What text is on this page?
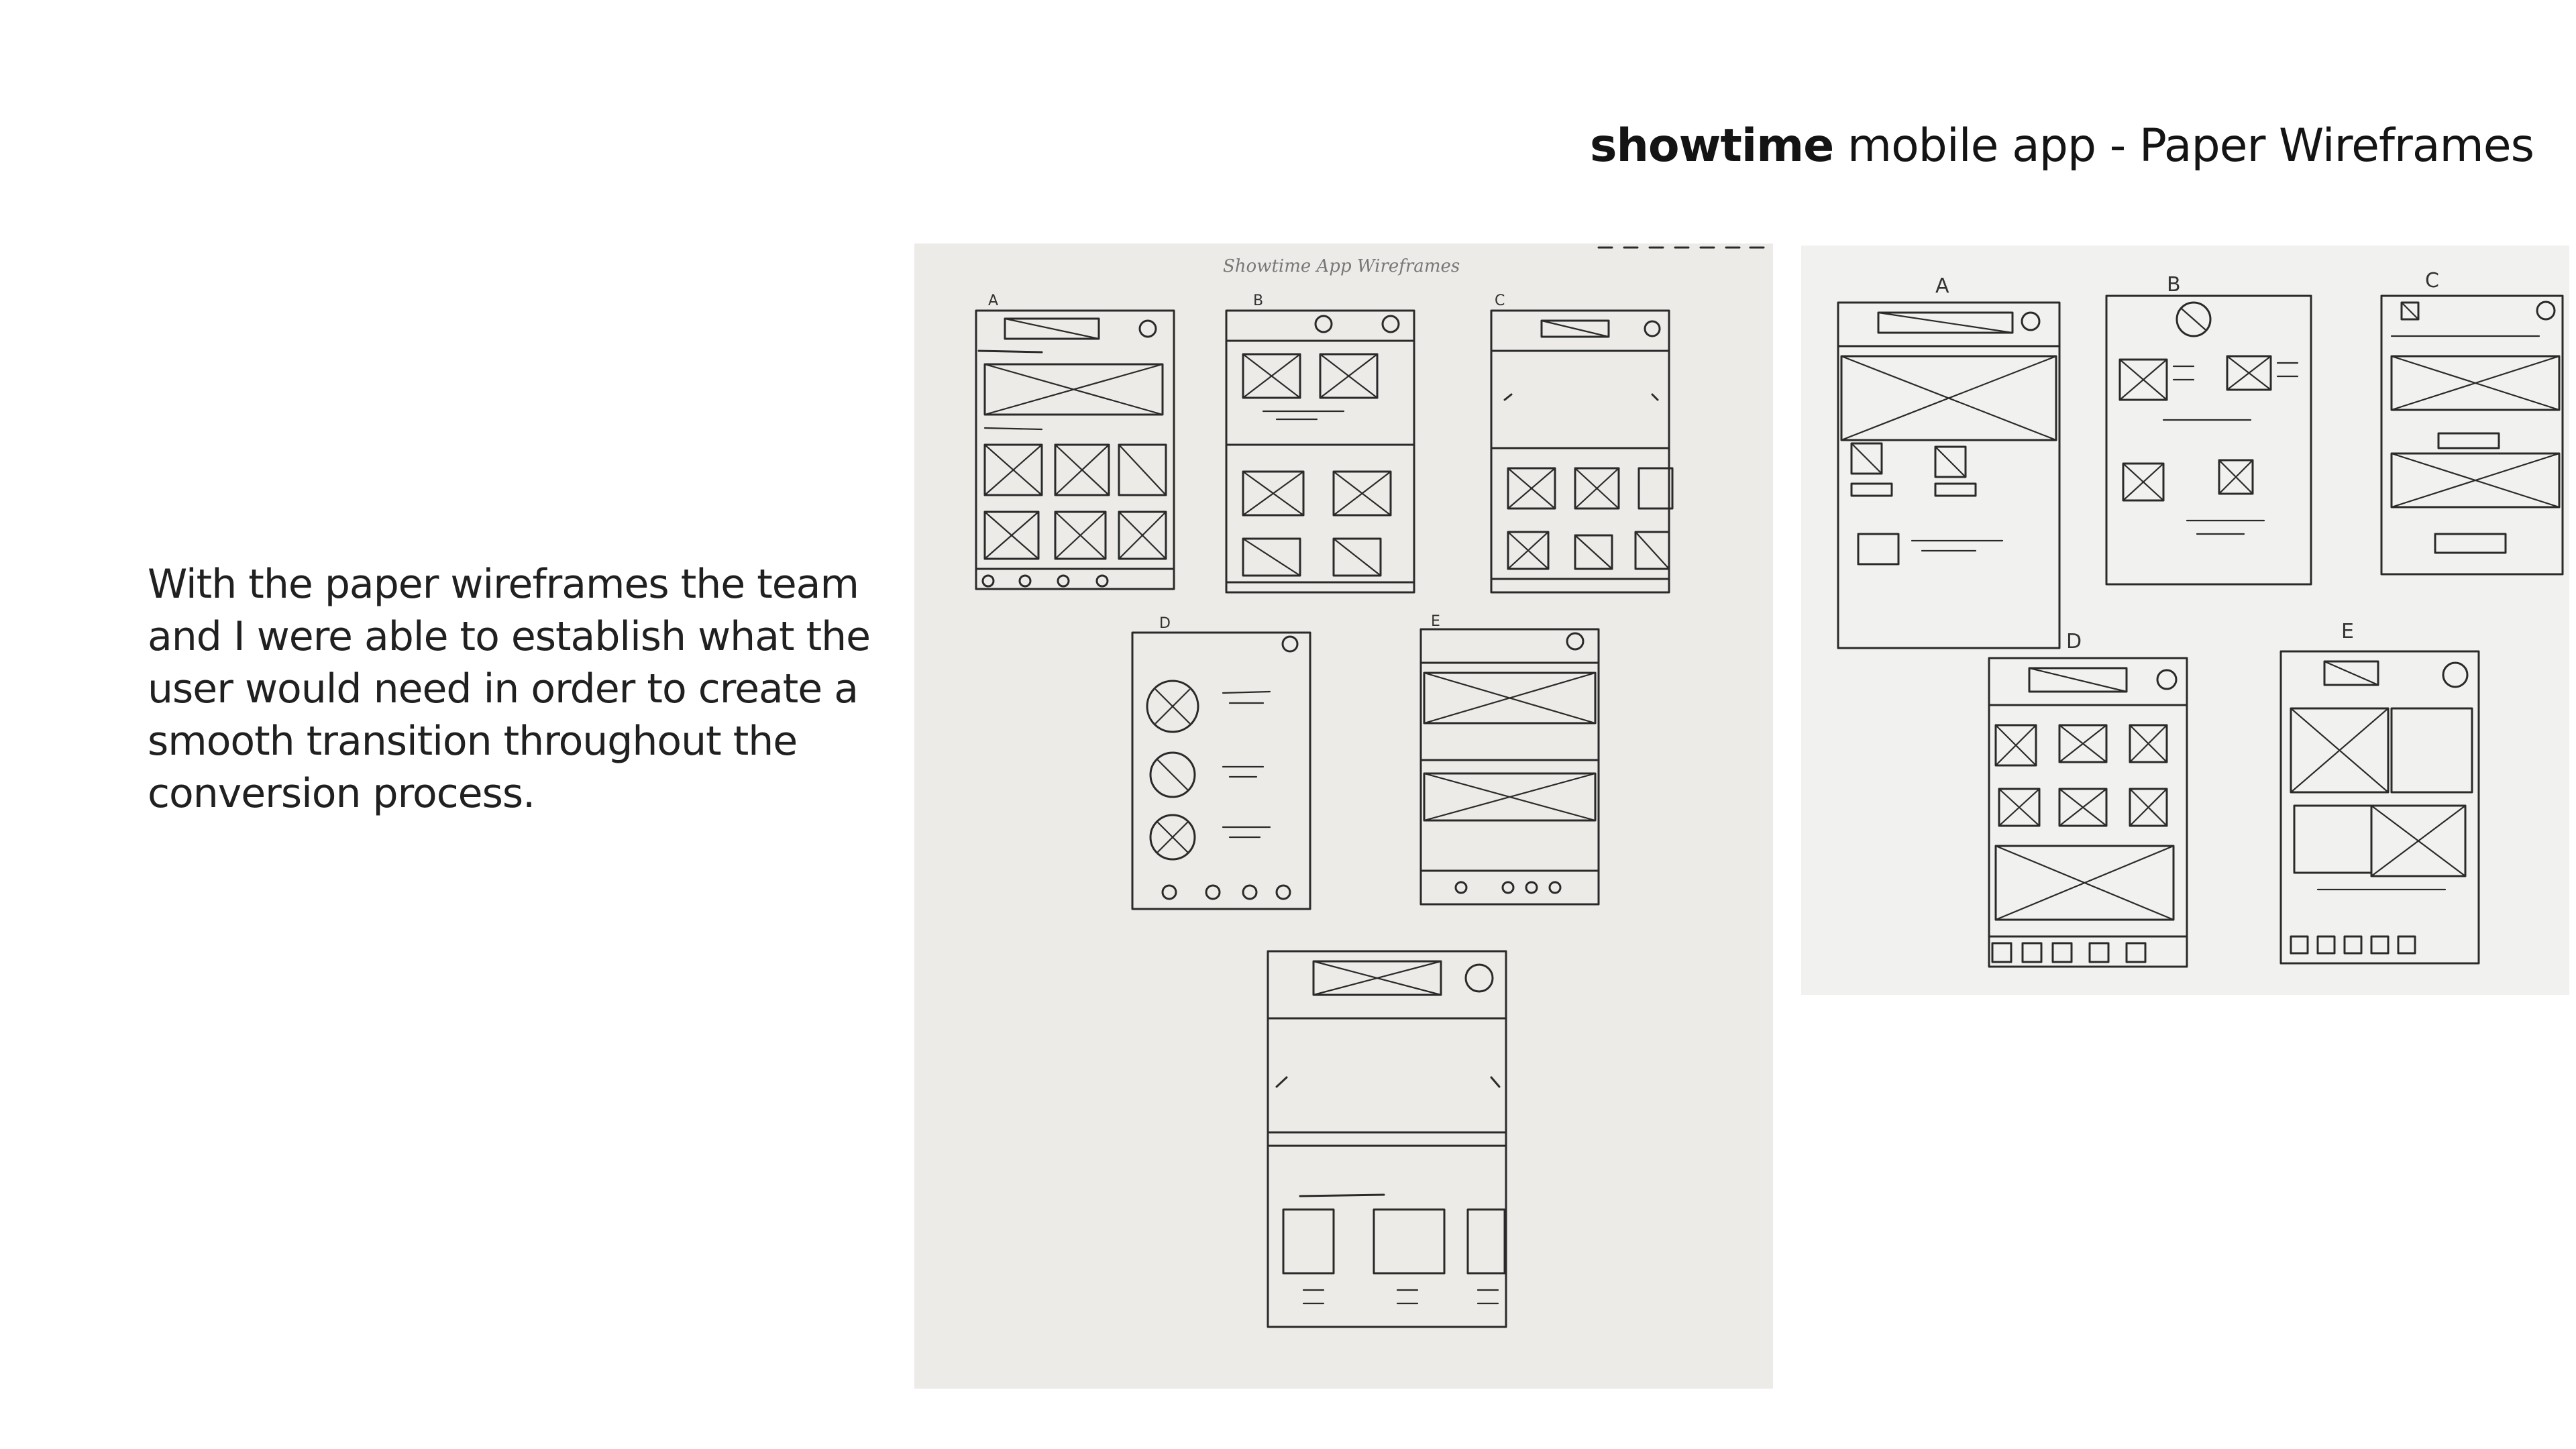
showtime mobile app - Paper Wireframes
With the paper wireframes the team
and I were able to establish what the
user would need in order to create a
smooth transition throughout the
conversion process.
Showtime App Wireframes
A	B	C
D	E
A	B	C
D	E
